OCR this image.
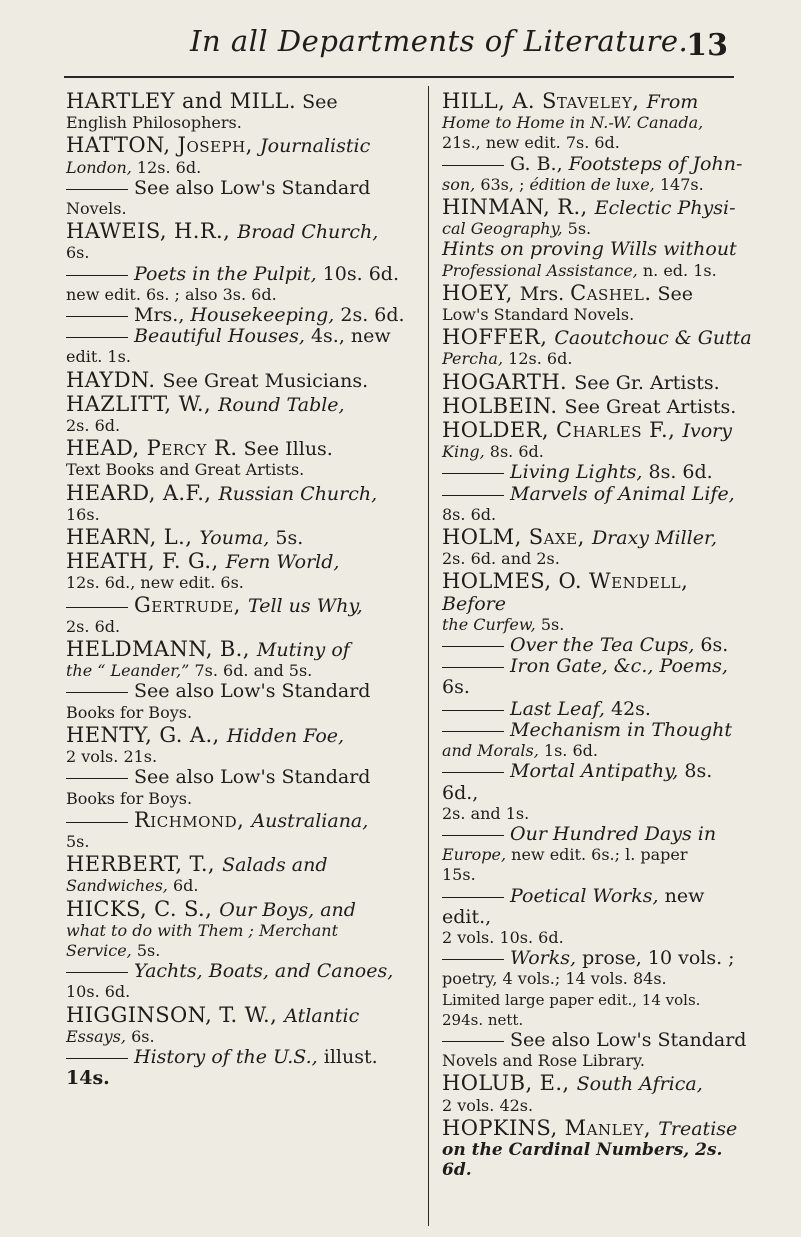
In all Departments of Literature.
13
HARTLEY and MILL. See
English Philosophers.
HATTON, Joseph, Journalistic
London, 12s. 6d.
See also Low's Standard
Novels.
HAWEIS, H.R., Broad Church,
6s.
Poets in the Pulpit, 10s. 6d.
new edit. 6s. ; also 3s. 6d.
Mrs., Housekeeping, 2s. 6d.
Beautiful Houses, 4s., new
edit. 1s.
HAYDN. See Great Musicians.
HAZLITT, W., Round Table,
2s. 6d.
HEAD, Percy R. See Illus.
Text Books and Great Artists.
HEARD, A.F., Russian Church,
16s.
HEARN, L., Youma, 5s.
HEATH, F. G., Fern World,
12s. 6d., new edit. 6s.
Gertrude, Tell us Why,
2s. 6d.
HELDMANN, B., Mutiny of
the “ Leander,” 7s. 6d. and 5s.
See also Low's Standard
Books for Boys.
HENTY, G. A., Hidden Foe,
2 vols. 21s.
See also Low's Standard
Books for Boys.
Richmond, Australiana,
5s.
HERBERT, T., Salads and
Sandwiches, 6d.
HICKS, C. S., Our Boys, and
what to do with Them ; Merchant
Service, 5s.
Yachts, Boats, and Canoes,
10s. 6d.
HIGGINSON, T. W., Atlantic
Essays, 6s.
History of the U.S., illust.
14s.
HILL, A. Staveley, From
Home to Home in N.-W. Canada,
21s., new edit. 7s. 6d.
G. B., Footsteps of John-
son, 63s, ; édition de luxe, 147s.
HINMAN, R., Eclectic Physi-
cal Geography, 5s.
Hints on proving Wills without
Professional Assistance, n. ed. 1s.
HOEY, Mrs. Cashel. See
Low's Standard Novels.
HOFFER, Caoutchouc & Gutta
Percha, 12s. 6d.
HOGARTH. See Gr. Artists.
HOLBEIN. See Great Artists.
HOLDER, Charles F., Ivory
King, 8s. 6d.
Living Lights, 8s. 6d.
Marvels of Animal Life,
8s. 6d.
HOLM, Saxe, Draxy Miller,
2s. 6d. and 2s.
HOLMES, O. Wendell, Before
the Curfew, 5s.
Over the Tea Cups, 6s.
Iron Gate, &c., Poems, 6s.
Last Leaf, 42s.
Mechanism in Thought
and Morals, 1s. 6d.
Mortal Antipathy, 8s. 6d.,
2s. and 1s.
Our Hundred Days in
Europe, new edit. 6s.; l. paper
15s.
Poetical Works, new edit.,
2 vols. 10s. 6d.
Works, prose, 10 vols. ;
poetry, 4 vols.; 14 vols. 84s.
Limited large paper edit., 14 vols.
294s. nett.
See also Low's Standard
Novels and Rose Library.
HOLUB, E., South Africa,
2 vols. 42s.
HOPKINS, Manley, Treatise
on the Cardinal Numbers, 2s. 6d.
